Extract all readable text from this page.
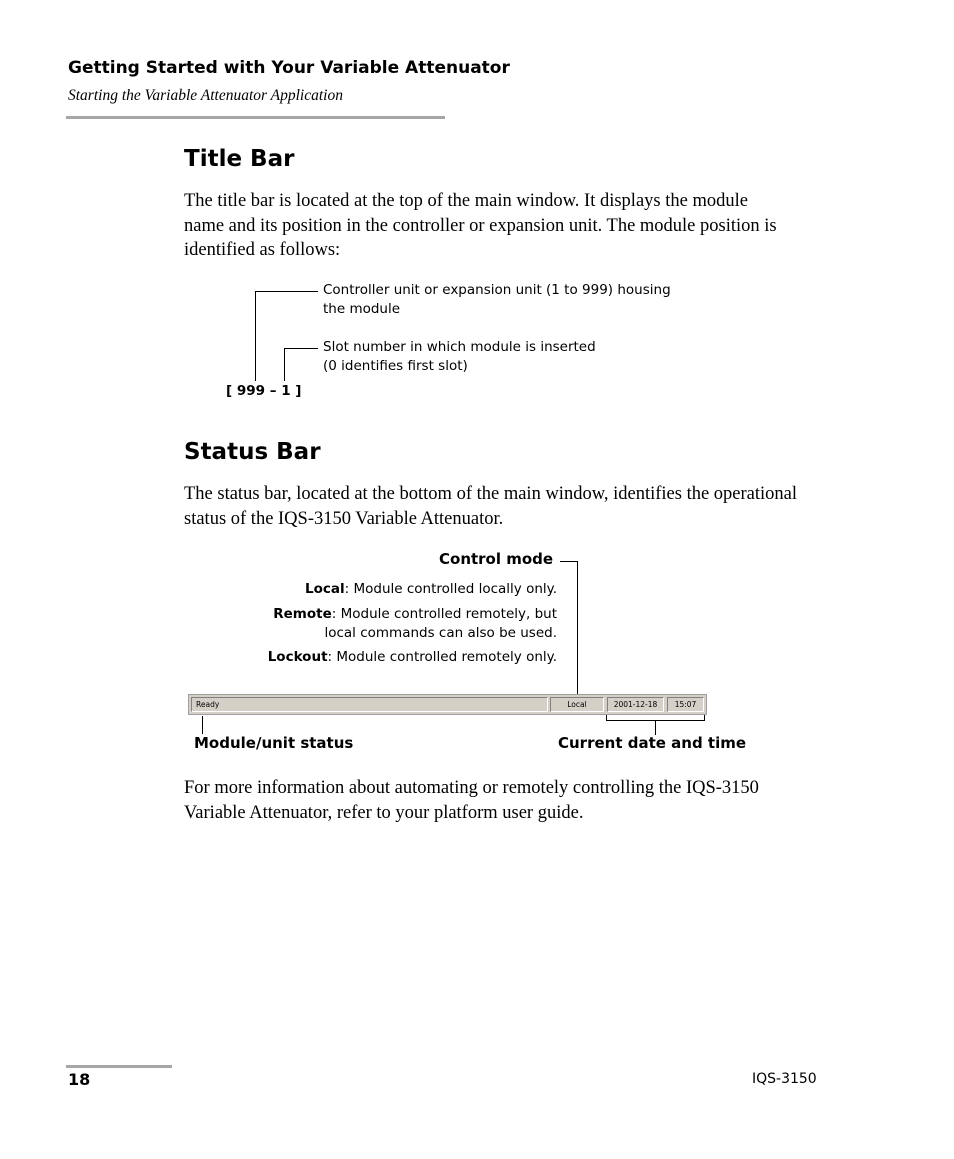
Getting Started with Your Variable Attenuator
Starting the Variable Attenuator Application
Title Bar

The title bar is located at the top of the main window. It displays the module name and its position in the controller or expansion unit. The module position is identified as follows:

Controller unit or expansion unit (1 to 999) housing the module
Slot number in which module is inserted (0 identifies first slot)
[ 999 – 1 ]
Status Bar

The status bar, located at the bottom of the main window, identifies the operational status of the IQS-3150 Variable Attenuator.

Control mode
Local: Module controlled locally only.
Remote: Module controlled remotely, but
local commands can also be used.
Lockout: Module controlled remotely only.
Ready	Local	2001-12-18	15:07
Module/unit status	Current date and time

For more information about automating or remotely controlling the IQS-3150 Variable Attenuator, refer to your platform user guide.

18	IQS-3150
